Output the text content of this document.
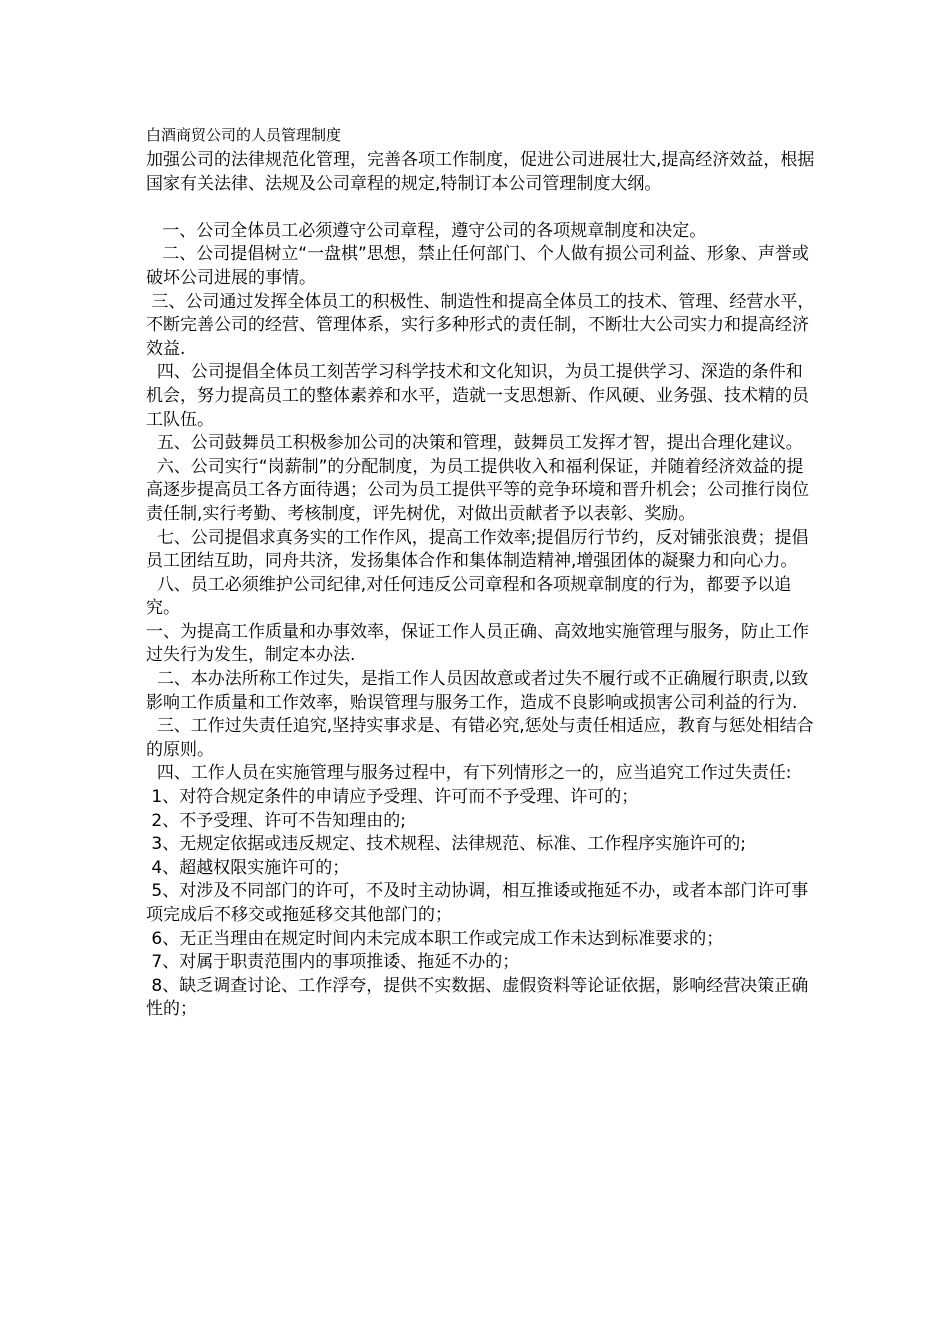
白酒商贸公司的人员管理制度

加强公司的法律规范化管理，完善各项工作制度，促进公司进展壮大,提高经济效益，根据国家有关法律、法规及公司章程的规定,特制订本公司管理制度大纲。

一、公司全体员工必须遵守公司章程，遵守公司的各项规章制度和决定。

二、公司提倡树立“一盘棋”思想，禁止任何部门、个人做有损公司利益、形象、声誉或破坏公司进展的事情。

三、公司通过发挥全体员工的积极性、制造性和提高全体员工的技术、管理、经营水平，不断完善公司的经营、管理体系，实行多种形式的责任制，不断壮大公司实力和提高经济效益.

四、公司提倡全体员工刻苦学习科学技术和文化知识，为员工提供学习、深造的条件和机会，努力提高员工的整体素养和水平，造就一支思想新、作风硬、业务强、技术精的员工队伍。

五、公司鼓舞员工积极参加公司的决策和管理，鼓舞员工发挥才智，提出合理化建议。

六、公司实行“岗薪制”的分配制度，为员工提供收入和福利保证，并随着经济效益的提高逐步提高员工各方面待遇；公司为员工提供平等的竞争环境和晋升机会；公司推行岗位责任制,实行考勤、考核制度，评先树优，对做出贡献者予以表彰、奖励。

七、公司提倡求真务实的工作作风，提高工作效率;提倡厉行节约，反对铺张浪费；提倡员工团结互助，同舟共济，发扬集体合作和集体制造精神,增强团体的凝聚力和向心力。

八、员工必须维护公司纪律,对任何违反公司章程和各项规章制度的行为，都要予以追究。

一、为提高工作质量和办事效率，保证工作人员正确、高效地实施管理与服务，防止工作过失行为发生，制定本办法.

二、本办法所称工作过失，是指工作人员因故意或者过失不履行或不正确履行职责,以致影响工作质量和工作效率，贻误管理与服务工作，造成不良影响或损害公司利益的行为.

三、工作过失责任追究,坚持实事求是、有错必究,惩处与责任相适应，教育与惩处相结合的原则。

四、工作人员在实施管理与服务过程中，有下列情形之一的，应当追究工作过失责任:

1、对符合规定条件的申请应予受理、许可而不予受理、许可的；

2、不予受理、许可不告知理由的;

3、无规定依据或违反规定、技术规程、法律规范、标准、工作程序实施许可的;

4、超越权限实施许可的；

5、对涉及不同部门的许可，不及时主动协调，相互推诿或拖延不办，或者本部门许可事项完成后不移交或拖延移交其他部门的；

6、无正当理由在规定时间内未完成本职工作或完成工作未达到标准要求的；

7、对属于职责范围内的事项推诿、拖延不办的；

8、缺乏调查讨论、工作浮夸，提供不实数据、虚假资料等论证依据，影响经营决策正确性的；
